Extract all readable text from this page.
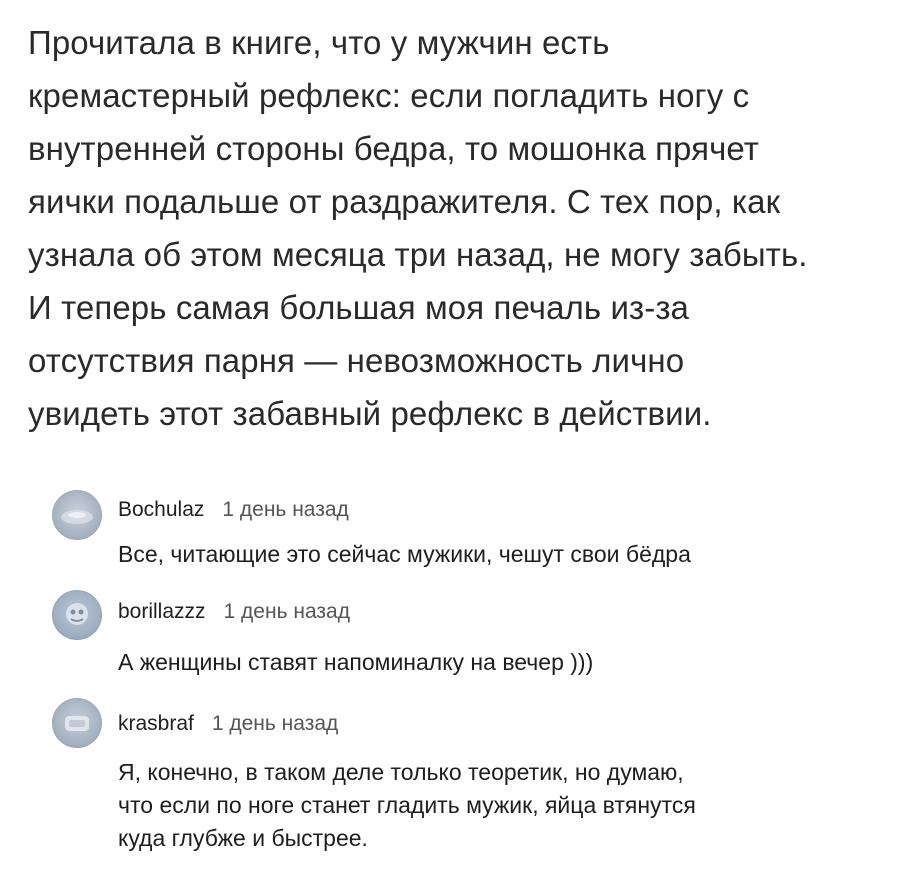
Прочитала в книге, что у мужчин есть
кремастерный рефлекс: если погладить ногу с
внутренней стороны бедра, то мошонка прячет
яички подальше от раздражителя. С тех пор, как
узнала об этом месяца три назад, не могу забыть.
И теперь самая большая моя печаль из-за
отсутствия парня — невозможность лично
увидеть этот забавный рефлекс в действии.
Bochulaz 1 день назад
Все, читающие это сейчас мужики, чешут свои бёдра
borillazzz 1 день назад
А женщины ставят напоминалку на вечер )))
krasbraf 1 день назад
Я, конечно, в таком деле только теоретик, но думаю,
что если по ноге станет гладить мужик, яйца втянутся
куда глубже и быстрее.
